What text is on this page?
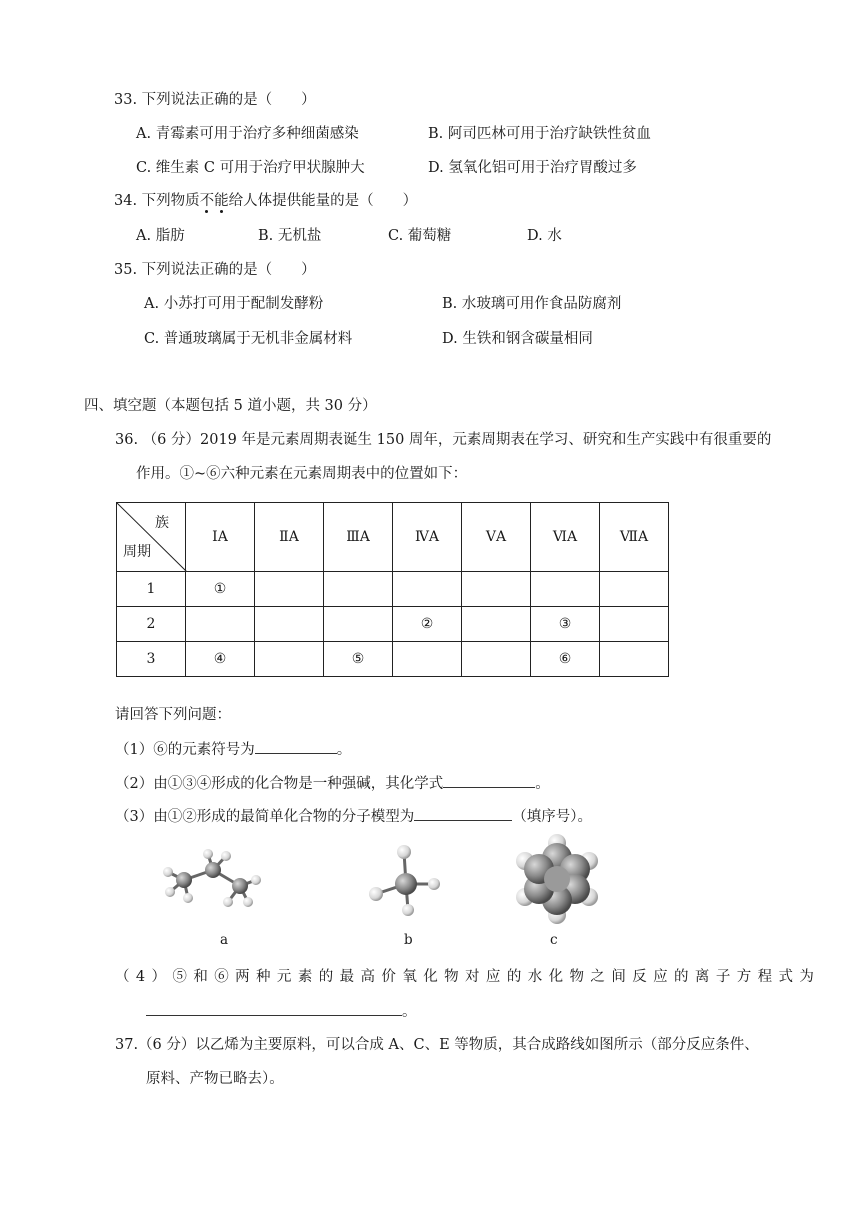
33. 下列说法正确的是（　　）
A. 青霉素可用于治疗多种细菌感染	B. 阿司匹林可用于治疗缺铁性贫血
C. 维生素 C 可用于治疗甲状腺肿大	D. 氢氧化铝可用于治疗胃酸过多
34. 下列物质不能给人体提供能量的是（　　）
A. 脂肪	B. 无机盐	C. 葡萄糖	D. 水
35. 下列说法正确的是（　　）
A. 小苏打可用于配制发酵粉	B. 水玻璃可用作食品防腐剂
C. 普通玻璃属于无机非金属材料	D. 生铁和钢含碳量相同
四、填空题（本题包括 5 道小题，共 30 分）
36. （6 分）2019 年是元素周期表诞生 150 周年，元素周期表在学习、研究和生产实践中有很重要的
作用。①~⑥六种元素在元素周期表中的位置如下：
族
周期	ⅠA	ⅡA	ⅢA	ⅣA	ⅤA	ⅥA	ⅦA
1	①						
2				②		③	
3	④		⑤			⑥	
请回答下列问题：
（1）⑥的元素符号为	。
（2）由①③④形成的化合物是一种强碱，其化学式	。
（3）由①②形成的最简单化合物的分子模型为	（填序号）。
a	b	c
（4）⑤和⑥两种元素的最高价氧化物对应的水化物之间反应的离子方程式为
。
37.（6 分）以乙烯为主要原料，可以合成 A、C、E 等物质，其合成路线如图所示（部分反应条件、
原料、产物已略去）。
